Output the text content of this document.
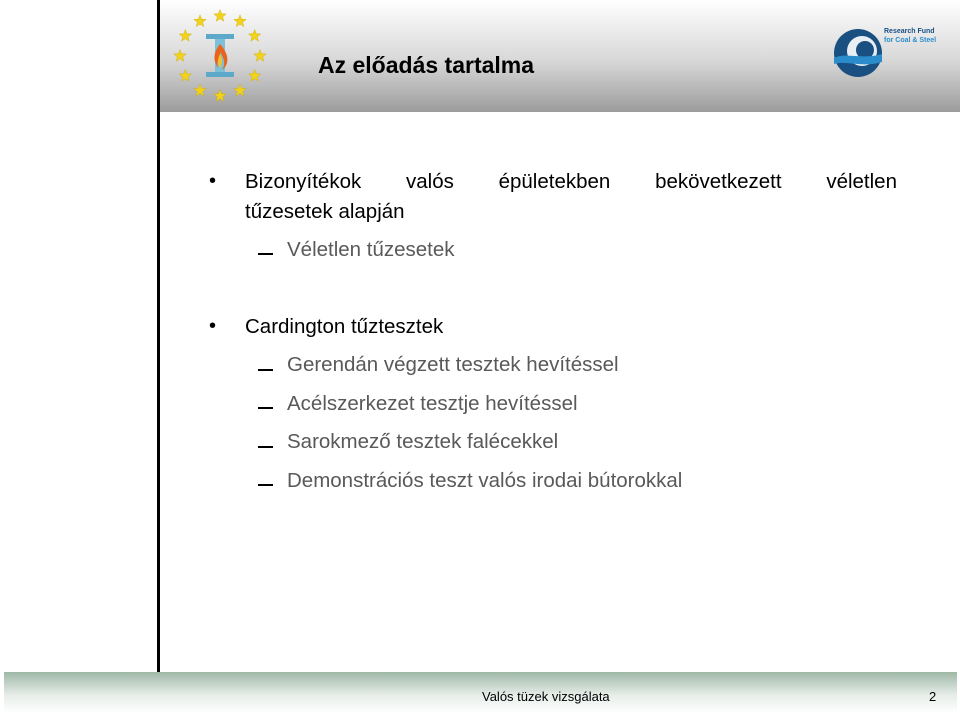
Research Fund
for Coal & Steel
Az előadás tartalma
• Bizonyítékok valós épületekben bekövetkezett véletlen
tűzesetek alapján
Véletlen tűzesetek
• Cardington tűztesztek
Gerendán végzett tesztek hevítéssel
Acélszerkezet tesztje hevítéssel
Sarokmező tesztek falécekkel
Demonstrációs teszt valós irodai bútorokkal
Valós tüzek vizsgálata	2
